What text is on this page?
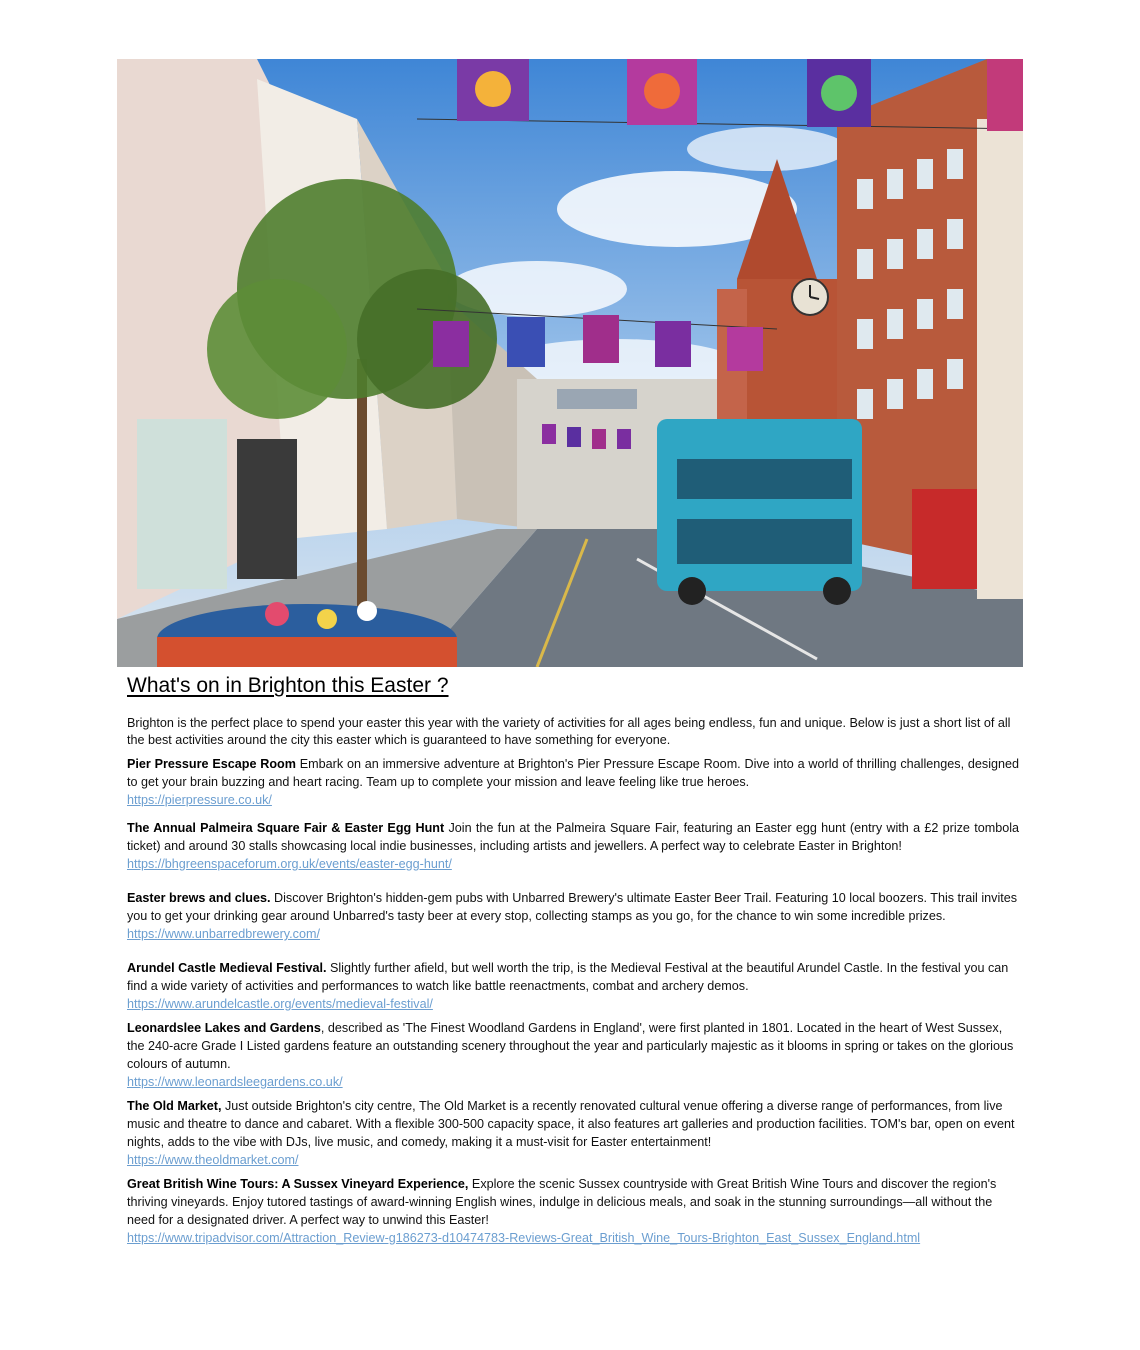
What's on in Brighton this Easter ?
Brighton is the perfect place to spend your easter this year with the variety of activities for all ages being endless, fun and unique. Below is just a short list of all the best activities around the city this easter which is guaranteed to have something for everyone.

Pier Pressure Escape Room Embark on an immersive adventure at Brighton's Pier Pressure Escape Room. Dive into a world of thrilling challenges, designed to get your brain buzzing and heart racing. Team up to complete your mission and leave feeling like true heroes.

https://pierpressure.co.uk/

The Annual Palmeira Square Fair & Easter Egg Hunt Join the fun at the Palmeira Square Fair, featuring an Easter egg hunt (entry with a £2 prize tombola ticket) and around 30 stalls showcasing local indie businesses, including artists and jewellers. A perfect way to celebrate Easter in Brighton!

https://bhgreenspaceforum.org.uk/events/easter-egg-hunt/

Easter brews and clues. Discover Brighton's hidden-gem pubs with Unbarred Brewery's ultimate Easter Beer Trail. Featuring 10 local boozers. This trail invites you to get your drinking gear around Unbarred's tasty beer at every stop, collecting stamps as you go, for the chance to win some incredible prizes.

https://www.unbarredbrewery.com/

Arundel Castle Medieval Festival. Slightly further afield, but well worth the trip, is the Medieval Festival at the beautiful Arundel Castle. In the festival you can find a wide variety of activities and performances to watch like battle reenactments, combat and archery demos.

https://www.arundelcastle.org/events/medieval-festival/

Leonardslee Lakes and Gardens, described as 'The Finest Woodland Gardens in England', were first planted in 1801. Located in the heart of West Sussex, the 240-acre Grade I Listed gardens feature an outstanding scenery throughout the year and particularly majestic as it blooms in spring or takes on the glorious colours of autumn.

https://www.leonardsleegardens.co.uk/

The Old Market, Just outside Brighton's city centre, The Old Market is a recently renovated cultural venue offering a diverse range of performances, from live music and theatre to dance and cabaret. With a flexible 300-500 capacity space, it also features art galleries and production facilities. TOM's bar, open on event nights, adds to the vibe with DJs, live music, and comedy, making it a must-visit for Easter entertainment!

https://www.theoldmarket.com/

Great British Wine Tours: A Sussex Vineyard Experience, Explore the scenic Sussex countryside with Great British Wine Tours and discover the region's thriving vineyards. Enjoy tutored tastings of award-winning English wines, indulge in delicious meals, and soak in the stunning surroundings—all without the need for a designated driver. A perfect way to unwind this Easter!

https://www.tripadvisor.com/Attraction_Review-g186273-d10474783-Reviews-Great_British_Wine_Tours-Brighton_East_Sussex_England.html
